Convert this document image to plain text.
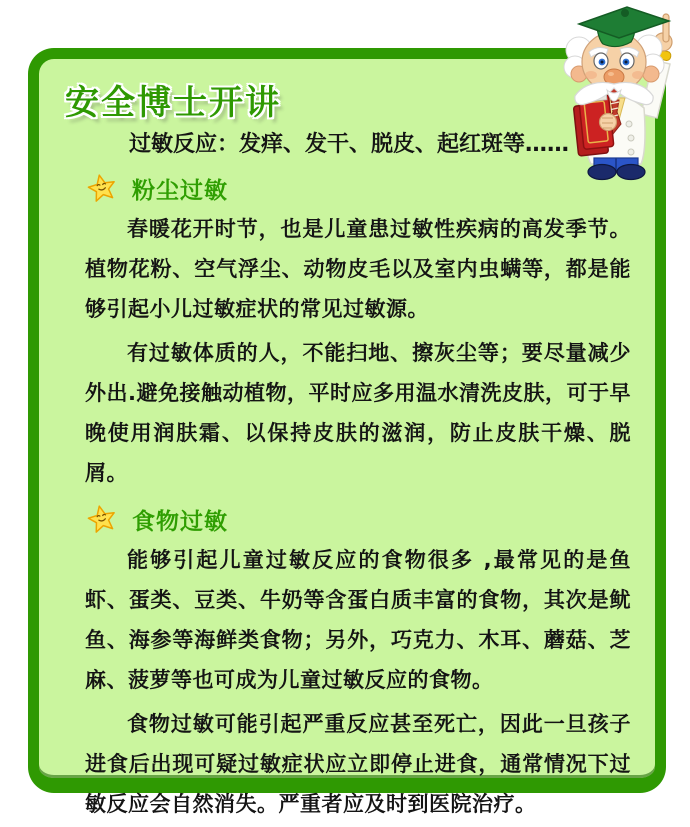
安全博士开讲

过敏反应：发痒、发干、脱皮、起红斑等……

粉尘过敏

春暖花开时节，也是儿童患过敏性疾病的高发季节。植物花粉、空气浮尘、动物皮毛以及室内虫螨等，都是能够引起小儿过敏症状的常见过敏源。

有过敏体质的人，不能扫地、擦灰尘等；要尽量减少外出.避免接触动植物，平时应多用温水清洗皮肤，可于早晚使用润肤霜、以保持皮肤的滋润，防止皮肤干燥、脱屑。

食物过敏

能够引起儿童过敏反应的食物很多 ,最常见的是鱼虾、蛋类、豆类、牛奶等含蛋白质丰富的食物，其次是鱿鱼、海参等海鲜类食物；另外，巧克力、木耳、蘑菇、芝麻、菠萝等也可成为儿童过敏反应的食物。

食物过敏可能引起严重反应甚至死亡，因此一旦孩子进食后出现可疑过敏症状应立即停止进食，通常情况下过敏反应会自然消失。严重者应及时到医院治疗。
